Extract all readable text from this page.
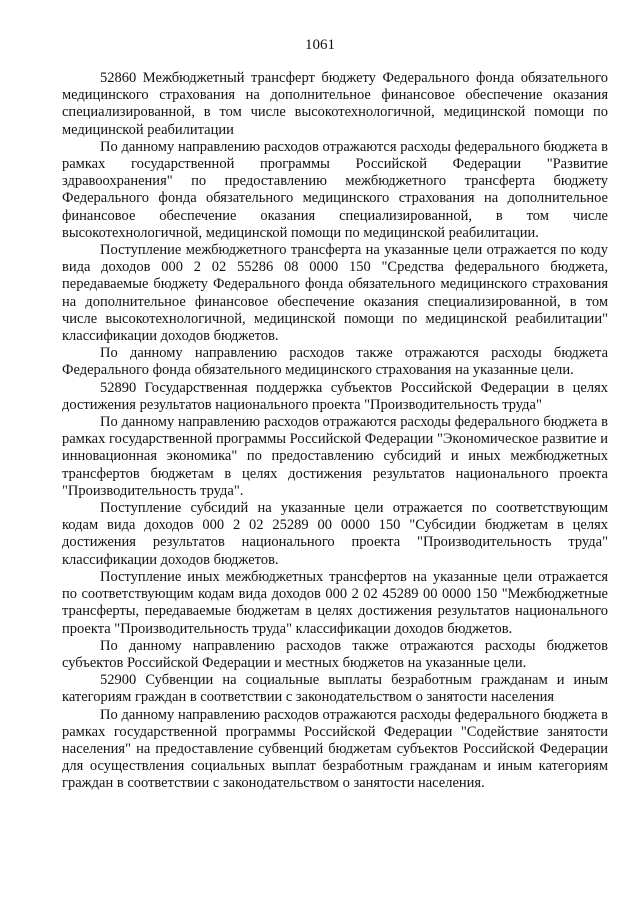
1061

52860 Межбюджетный трансферт бюджету Федерального фонда обязательного медицинского страхования на дополнительное финансовое обеспечение оказания специализированной, в том числе высокотехнологичной, медицинской помощи по медицинской реабилитации

По данному направлению расходов отражаются расходы федерального бюджета в рамках государственной программы Российской Федерации "Развитие здравоохранения" по предоставлению межбюджетного трансферта бюджету Федерального фонда обязательного медицинского страхования на дополнительное финансовое обеспечение оказания специализированной, в том числе высокотехнологичной, медицинской помощи по медицинской реабилитации.

Поступление межбюджетного трансферта на указанные цели отражается по коду вида доходов 000 2 02 55286 08 0000 150 "Средства федерального бюджета, передаваемые бюджету Федерального фонда обязательного медицинского страхования на дополнительное финансовое обеспечение оказания специализированной, в том числе высокотехнологичной, медицинской помощи по медицинской реабилитации" классификации доходов бюджетов.

По данному направлению расходов также отражаются расходы бюджета Федерального фонда обязательного медицинского страхования на указанные цели.

52890 Государственная поддержка субъектов Российской Федерации в целях достижения результатов национального проекта "Производительность труда"

По данному направлению расходов отражаются расходы федерального бюджета в рамках государственной программы Российской Федерации "Экономическое развитие и инновационная экономика" по предоставлению субсидий и иных межбюджетных трансфертов бюджетам в целях достижения результатов национального проекта "Производительность труда".

Поступление субсидий на указанные цели отражается по соответствующим кодам вида доходов 000 2 02 25289 00 0000 150 "Субсидии бюджетам в целях достижения результатов национального проекта "Производительность труда" классификации доходов бюджетов.

Поступление иных межбюджетных трансфертов на указанные цели отражается по соответствующим кодам вида доходов 000 2 02 45289 00 0000 150 "Межбюджетные трансферты, передаваемые бюджетам в целях достижения результатов национального проекта "Производительность труда" классификации доходов бюджетов.

По данному направлению расходов также отражаются расходы бюджетов субъектов Российской Федерации и местных бюджетов на указанные цели.

52900 Субвенции на социальные выплаты безработным гражданам и иным категориям граждан в соответствии с законодательством о занятости населения

По данному направлению расходов отражаются расходы федерального бюджета в рамках государственной программы Российской Федерации "Содействие занятости населения" на предоставление субвенций бюджетам субъектов Российской Федерации для осуществления социальных выплат безработным гражданам и иным категориям граждан в соответствии с законодательством о занятости населения.
